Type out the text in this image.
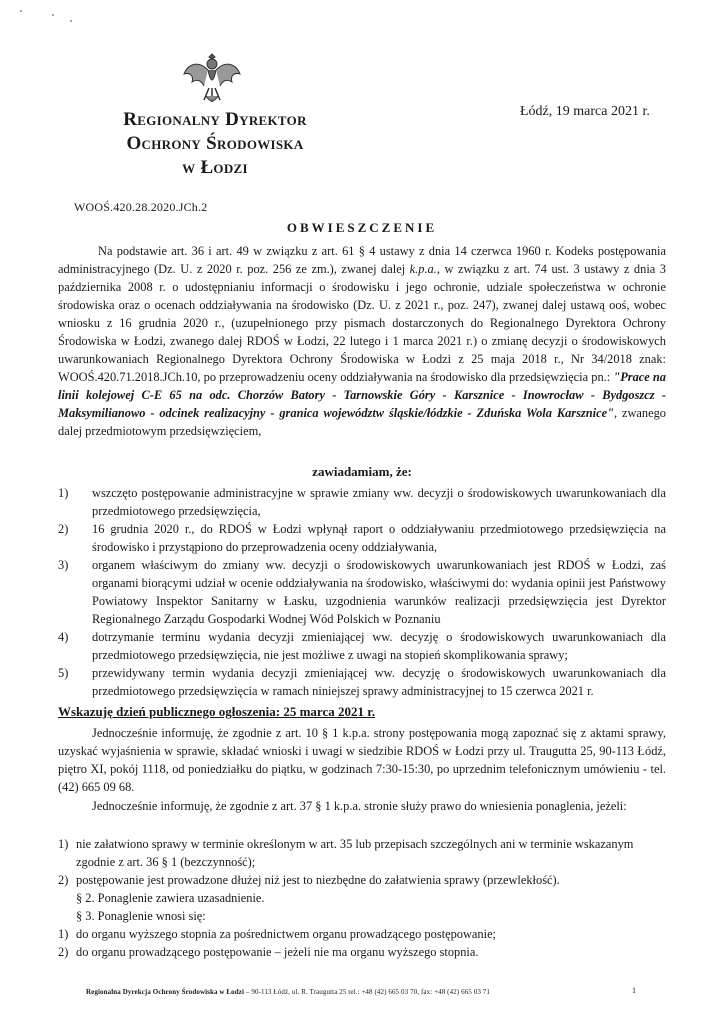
Regionalny Dyrektor
Ochrony Środowiska
w Łodzi
Łódź, 19 marca 2021 r.
WOOŚ.420.28.2020.JCh.2
OBWIESZCZENIE
Na podstawie art. 36 i art. 49 w związku z art. 61 § 4 ustawy z dnia 14 czerwca 1960 r. Kodeks postępowania administracyjnego (Dz. U. z 2020 r. poz. 256 ze zm.), zwanej dalej k.p.a., w związku z art. 74 ust. 3 ustawy z dnia 3 października 2008 r. o udostępnianiu informacji o środowisku i jego ochronie, udziale społeczeństwa w ochronie środowiska oraz o ocenach oddziaływania na środowisko (Dz. U. z 2021 r., poz. 247), zwanej dalej ustawą ooś, wobec wniosku z 16 grudnia 2020 r., (uzupełnionego przy pismach dostarczonych do Regionalnego Dyrektora Ochrony Środowiska w Łodzi, zwanego dalej RDOŚ w Łodzi, 22 lutego i 1 marca 2021 r.) o zmianę decyzji o środowiskowych uwarunkowaniach Regionalnego Dyrektora Ochrony Środowiska w Łodzi z 25 maja 2018 r., Nr 34/2018 znak: WOOŚ.420.71.2018.JCh.10, po przeprowadzeniu oceny oddziaływania na środowisko dla przedsięwzięcia pn.: "Prace na linii kolejowej C-E 65 na odc. Chorzów Batory - Tarnowskie Góry - Karsznice - Inowrocław - Bydgoszcz - Maksymilianowo - odcinek realizacyjny - granica województw śląskie/łódzkie - Zduńska Wola Karsznice", zwanego dalej przedmiotowym przedsięwzięciem,
zawiadamiam, że:
1)	wszczęto postępowanie administracyjne w sprawie zmiany ww. decyzji o środowiskowych uwarunkowaniach dla przedmiotowego przedsięwzięcia,
2)	16 grudnia 2020 r., do RDOŚ w Łodzi wpłynął raport o oddziaływaniu przedmiotowego przedsięwzięcia na środowisko i przystąpiono do przeprowadzenia oceny oddziaływania,
3)	organem właściwym do zmiany ww. decyzji o środowiskowych uwarunkowaniach jest RDOŚ w Łodzi, zaś organami biorącymi udział w ocenie oddziaływania na środowisko, właściwymi do: wydania opinii jest Państwowy Powiatowy Inspektor Sanitarny w Łasku, uzgodnienia warunków realizacji przedsięwzięcia jest Dyrektor Regionalnego Zarządu Gospodarki Wodnej Wód Polskich w Poznaniu
4)	dotrzymanie terminu wydania decyzji zmieniającej ww. decyzję o środowiskowych uwarunkowaniach dla przedmiotowego przedsięwzięcia, nie jest możliwe z uwagi na stopień skomplikowania sprawy;
5)	przewidywany termin wydania decyzji zmieniającej ww. decyzję o środowiskowych uwarunkowaniach dla przedmiotowego przedsięwzięcia w ramach niniejszej sprawy administracyjnej to 15 czerwca 2021 r.
Wskazuję dzień publicznego ogłoszenia: 25 marca 2021 r.
Jednocześnie informuję, że zgodnie z art. 10 § 1 k.p.a. strony postępowania mogą zapoznać się z aktami sprawy, uzyskać wyjaśnienia w sprawie, składać wnioski i uwagi w siedzibie RDOŚ w Łodzi przy ul. Traugutta 25, 90-113 Łódź, piętro XI, pokój 1118, od poniedziałku do piątku, w godzinach 7:30-15:30, po uprzednim telefonicznym umówieniu - tel. (42) 665 09 68.
Jednocześnie informuję, że zgodnie z art. 37 § 1 k.p.a. stronie służy prawo do wniesienia ponaglenia, jeżeli:
1) nie załatwiono sprawy w terminie określonym w art. 35 lub przepisach szczególnych ani w terminie wskazanym zgodnie z art. 36 § 1 (bezczynność);
2) postępowanie jest prowadzone dłużej niż jest to niezbędne do załatwienia sprawy (przewlekłość).
§ 2. Ponaglenie zawiera uzasadnienie.
§ 3. Ponaglenie wnosi się:
1) do organu wyższego stopnia za pośrednictwem organu prowadzącego postępowanie;
2) do organu prowadzącego postępowanie – jeżeli nie ma organu wyższego stopnia.
Regionalna Dyrekcja Ochrony Środowiska w Łodzi – 90-113 Łódź, ul. R. Traugutta 25 tel.: +48 (42) 665 03 70, fax: +48 (42) 665 03 71	1
